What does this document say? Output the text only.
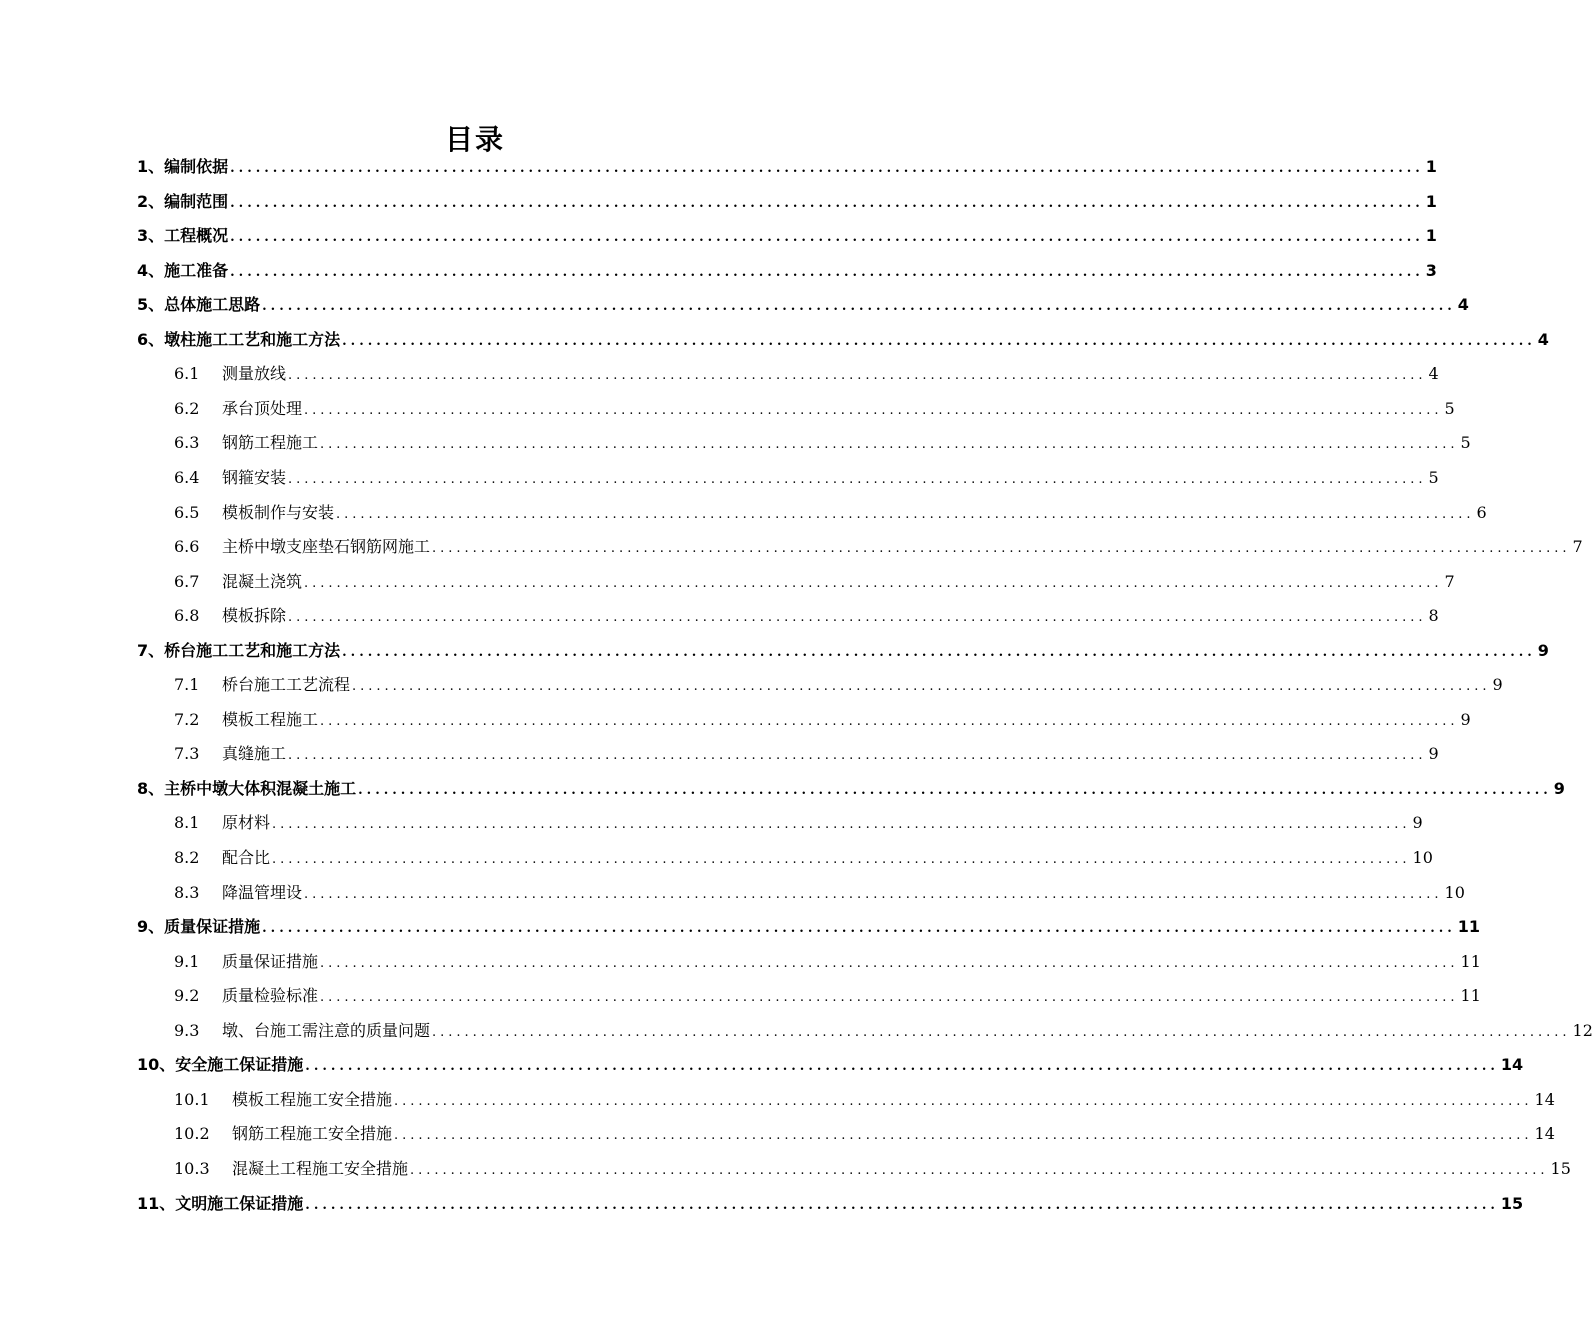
目录
1、 编制依据 ............................................................................................................................................ 1
2、 编制范围 ............................................................................................................................................ 1
3、 工程概况 ............................................................................................................................................ 1
4、 施工准备 ............................................................................................................................................ 3
5、 总体施工思路 ............................................................................................................................................ 4
6、 墩柱施工工艺和施工方法 ............................................................................................................................................ 4
6.1	测量放线 ............................................................................................................................................ 4
6.2	承台顶处理 ............................................................................................................................................ 5
6.3	钢筋工程施工 ............................................................................................................................................ 5
6.4	钢箍安装 ............................................................................................................................................ 5
6.5	模板制作与安装 ............................................................................................................................................ 6
6.6	主桥中墩支座垫石钢筋网施工 ............................................................................................................................................ 7
6.7	混凝土浇筑 ............................................................................................................................................ 7
6.8	模板拆除 ............................................................................................................................................ 8
7、 桥台施工工艺和施工方法 ............................................................................................................................................ 9
7.1	桥台施工工艺流程 ............................................................................................................................................ 9
7.2	模板工程施工 ............................................................................................................................................ 9
7.3	真缝施工 ............................................................................................................................................ 9
8、 主桥中墩大体积混凝土施工 ............................................................................................................................................ 9
8.1	原材料 ............................................................................................................................................ 9
8.2	配合比 ............................................................................................................................................ 10
8.3	降温管埋设 ............................................................................................................................................ 10
9、 质量保证措施 ............................................................................................................................................ 11
9.1	质量保证措施 ............................................................................................................................................ 11
9.2	质量检验标准 ............................................................................................................................................ 11
9.3	墩、台施工需注意的质量问题 ............................................................................................................................................ 12
10、 安全施工保证措施 ............................................................................................................................................ 14
10.1	模板工程施工安全措施 ............................................................................................................................................ 14
10.2	钢筋工程施工安全措施 ............................................................................................................................................ 14
10.3	混凝土工程施工安全措施 ............................................................................................................................................ 15
11、 文明施工保证措施 ............................................................................................................................................ 15
